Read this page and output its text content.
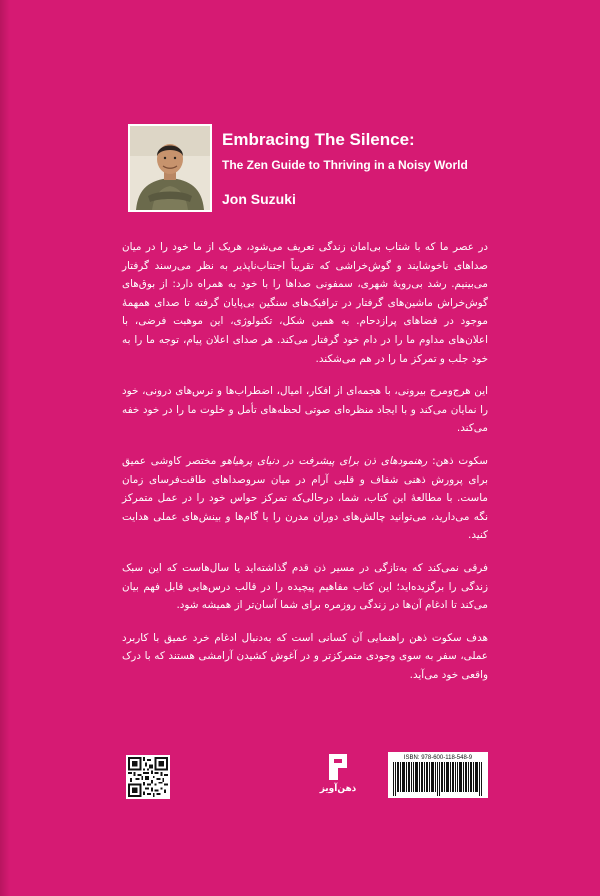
Embracing The Silence:
The Zen Guide to Thriving in a Noisy World
Jon Suzuki

در عصر ما که با شتاب بی‌امان زندگی تعریف می‌شود، هریک از ما خود را در میان صداهای ناخوشایند و گوش‌خراشی که تقریباً اجتناب‌ناپذیر به نظر می‌رسند گرفتار می‌بینیم. رشد بی‌رویهٔ شهری، سمفونی صداها را با خود به همراه دارد: از بوق‌های گوش‌خراش ماشین‌های گرفتار در ترافیک‌های سنگین بی‌پایان گرفته تا صدای همهمهٔ موجود در فضاهای پرازدحام. به همین شکل، تکنولوژی، این موهبت فرضی، با اعلان‌های مداوم ما را در دام خود گرفتار می‌کند. هر صدای اعلان پیام، توجه ما را به خود جلب و تمرکز ما را در هم می‌شکند.

این هرج‌ومرج بیرونی، با هجمه‌ای از افکار، امیال، اضطراب‌ها و ترس‌های درونی، خود را نمایان می‌کند و با ایجاد منظره‌ای صوتی لحظه‌های تأمل و خلوت ما را در خود خفه می‌کند.

سکوت ذهن: رهنمودهای ذن برای پیشرفت در دنیای پرهیاهو مختصر کاوشی عمیق برای پرورش ذهنی شفاف و قلبی آرام در میان سروصداهای طاقت‌فرسای زمان ماست. با مطالعهٔ این کتاب، شما، درحالی‌که تمرکز حواس خود را در عمل متمرکز نگه می‌دارید، می‌توانید چالش‌های دوران مدرن را با گام‌ها و بینش‌های عملی هدایت کنید.

فرقی نمی‌کند که به‌تازگی در مسیر ذن قدم گذاشته‌اید یا سال‌هاست که این سبک زندگی را برگزیده‌اید؛ این کتاب مفاهیم پیچیده را در قالب درس‌هایی قابل فهم بیان می‌کند تا ادغام آن‌ها در زندگی روزمره برای شما آسان‌تر از همیشه شود.

هدف سکوت ذهن راهنمایی آن کسانی است که به‌دنبال ادغام خرد عمیق با کاربرد عملی، سفر به سوی وجودی متمرکزتر و در آغوش کشیدن آرامشی هستند که با درک واقعی خود می‌آید.

ذهن‌آویز
ISBN: 978-600-118-548-9
